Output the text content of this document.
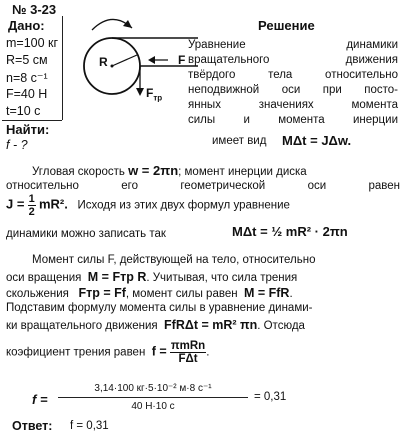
№ 3-23
Дано:
m=100 кг
R=5 см
n=8 с⁻¹
F=40 Н
t=10 с
Найти:
f - ?
R	F
$F_{тр}$
Решение
Уравнение динамики
вращательного движения
твёрдого тела относительно
неподвижной оси при посто-
янных значениях момента
силы и момента инерции
имеет вид MΔt = JΔw.
Угловая скорость w = 2πn; момент инерции диска
относительно его геометрической оси равен
$J = \frac{1}{2} mR^2$. Исходя из этих двух формул уравнение
динамики можно записать так	MΔt = ½ mR² · 2πn
Момент силы F, действующей на тело, относительно
оси вращения M = Fтр R. Учитывая, что сила трения
скольжения Fтр = Ff, момент силы равен M = FfR.
Подставим формулу момента силы в уравнение динами-
ки вращательного движения FfRΔt = mR² πn. Отсюда
коэфициент трения равен $f = \frac{\text{πmRn}}{\text{FΔt}}$ .
f =
3,14·100 кг·5·10⁻² м·8 с⁻¹
40 Н·10 с
= 0,31
Ответ: f = 0,31
